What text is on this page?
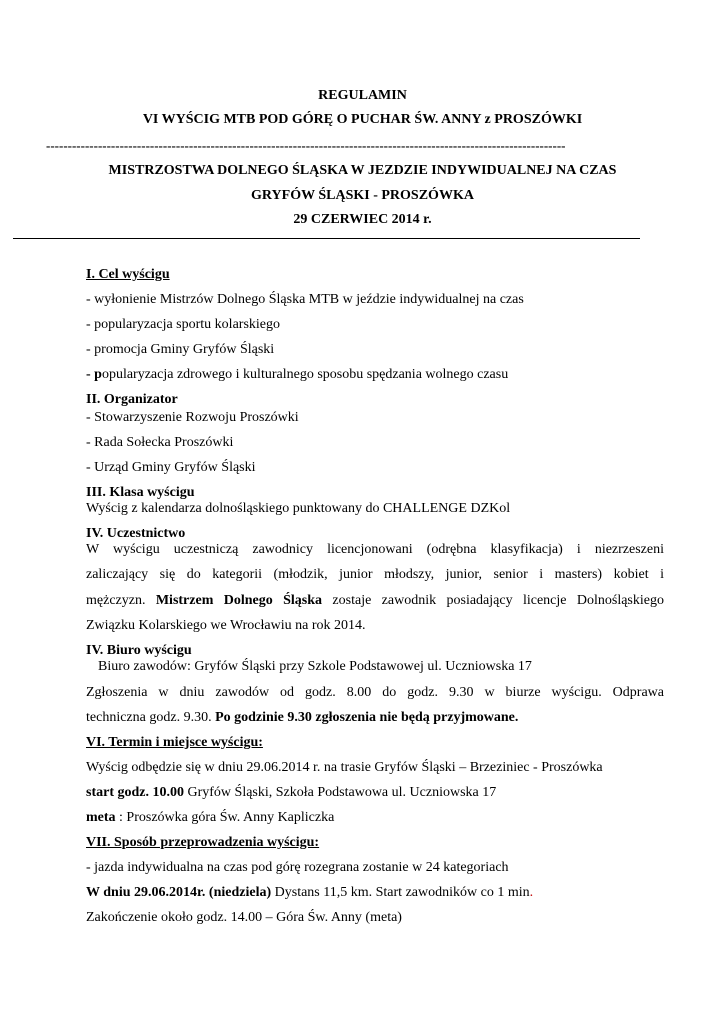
REGULAMIN
VI WYŚCIG MTB POD GÓRĘ O PUCHAR ŚW. ANNY z PROSZÓWKI
------------------------------------------------------------------------------------------------------------------------
MISTRZOSTWA DOLNEGO ŚLĄSKA W JEZDZIE INDYWIDUALNEJ NA CZAS
GRYFÓW ŚLĄSKI - PROSZÓWKA
29 CZERWIEC 2014 r.
I. Cel wyścigu
- wyłonienie Mistrzów Dolnego Śląska MTB w jeździe indywidualnej na czas
- popularyzacja sportu kolarskiego
- promocja Gminy Gryfów Śląski
- popularyzacja zdrowego i kulturalnego sposobu spędzania wolnego czasu
II. Organizator
- Stowarzyszenie Rozwoju Proszówki
- Rada Sołecka Proszówki
- Urząd Gminy Gryfów Śląski
III. Klasa wyścigu
Wyścig z kalendarza dolnośląskiego punktowany do CHALLENGE DZKol
IV. Uczestnictwo
W wyścigu uczestniczą zawodnicy licencjonowani (odrębna klasyfikacja) i niezrzeszeni
zaliczający się do kategorii (młodzik, junior młodszy, junior, senior i masters) kobiet i
mężczyzn. Mistrzem Dolnego Śląska zostaje zawodnik posiadający licencje Dolnośląskiego
Związku Kolarskiego we Wrocławiu na rok 2014.
IV. Biuro wyścigu
Biuro zawodów: Gryfów Śląski przy Szkole Podstawowej ul. Uczniowska 17
Zgłoszenia w dniu zawodów od godz. 8.00 do godz. 9.30 w biurze wyścigu. Odprawa
techniczna godz. 9.30. Po godzinie 9.30 zgłoszenia nie będą przyjmowane.
VI. Termin i miejsce wyścigu:
Wyścig odbędzie się w dniu 29.06.2014 r. na trasie Gryfów Śląski – Brzeziniec - Proszówka
start godz. 10.00 Gryfów Śląski, Szkoła Podstawowa ul. Uczniowska 17
meta : Proszówka góra Św. Anny Kapliczka
VII. Sposób przeprowadzenia wyścigu:
- jazda indywidualna na czas pod górę rozegrana zostanie w 24 kategoriach
W dniu 29.06.2014r. (niedziela) Dystans 11,5 km. Start zawodników co 1 min.
Zakończenie około godz. 14.00 – Góra Św. Anny (meta)
